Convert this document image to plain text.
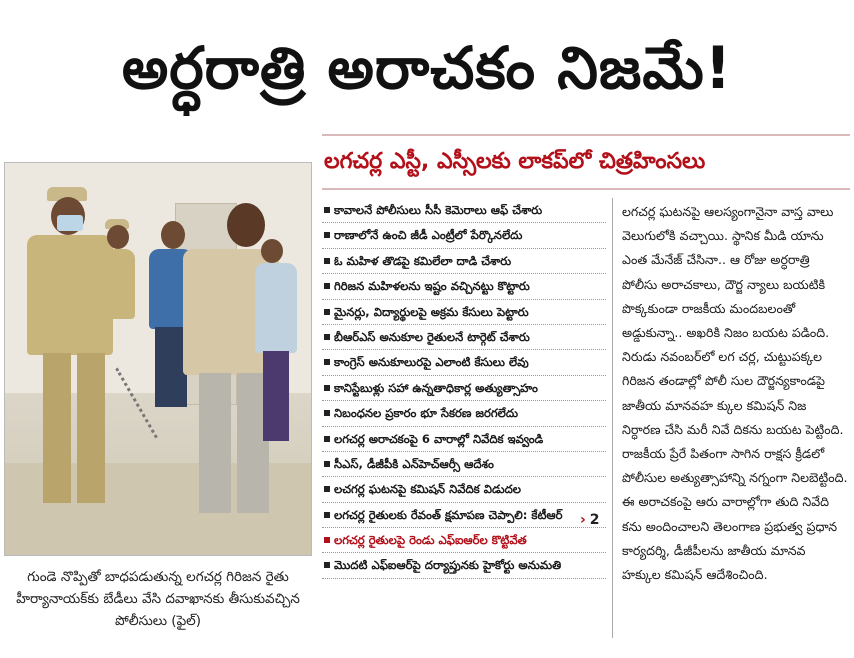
అర్ధరాత్రి అరాచకం నిజమే!
గుండె నొప్పితో బాధపడుతున్న లగచర్ల గిరిజన రైతు హీర్యానాయక్‌కు బేడీలు వేసి దవాఖానకు తీసుకువచ్చిన పోలీసులు (ఫైల్)
లగచర్ల ఎస్టీ, ఎస్సీలకు లాకప్‌లో చిత్రహింసలు
కావాలనే పోలీసులు సీసీ కెమెరాలు ఆఫ్ చేశారు
రాణాలోనే ఉంచి జీడీ ఎంట్రీలో పేర్కొనలేదు
ఓ మహిళ తొడపై కమిలేలా దాడి చేశారు
గిరిజన మహిళలను ఇష్టం వచ్చినట్టు కొట్టారు
మైనర్లు, విద్యార్థులపై అక్రమ కేసులు పెట్టారు
బీఆర్ఎస్ అనుకూల రైతులనే టార్గెట్ చేశారు
కాంగ్రెస్ అనుకూలురపై ఎలాంటి కేసులు లేవు
కానిస్టేబుళ్లు సహా ఉన్నతాధికార్ల అత్యుత్సాహం
నిబంధనల ప్రకారం భూ సేకరణ జరగలేదు
లగచర్ల అరాచకంపై 6 వారాల్లో నివేదిక ఇవ్వండి
సీఎస్, డీజీపీకి ఎన్‌హెచ్‌ఆర్సీ ఆదేశం
లచగర్ల ఘటనపై కమిషన్ నివేదిక విడుదల
లగచర్ల రైతులకు రేవంత్ క్షమాపణ చెప్పాలి: కేటీఆర్
లగచర్ల రైతులపై రెండు ఎఫ్ఐఆర్‌ల కొట్టివేత
మొదటి ఎఫ్ఐఆర్‌పై దర్యాప్తునకు హైకోర్టు అనుమతి
› 2
లగచర్ల ఘటనపై ఆలస్యంగానైనా వాస్త వాలు వెలుగులోకి వచ్చాయి. స్థానిక మీడి యాను ఎంత మేనేజ్ చేసినా.. ఆ రోజు అర్ధరాత్రి పోలీసు అరాచకాలు, దౌర్జ న్యాలు బయటికి పొక్కకుండా రాజకీయ మందబలంతో అడ్డుకున్నా.. అఖరికి నిజం బయట పడింది. నిరుడు నవంబర్‌లో లగ చర్ల, చుట్టుపక్కల గిరిజన తండాల్లో పోలీ సుల దౌర్జన్యకాండపై జాతీయ మానవహ క్కుల కమిషన్ నిజ నిర్ధారణ చేసి మరీ నివే దికను బయట పెట్టింది. రాజకీయ ప్రేరే పితంగా సాగిన రాక్షస క్రీడలో పోలీసుల అత్యుత్సాహాన్ని నగ్నంగా నిలబెట్టింది. ఈ అరాచకంపై ఆరు వారాల్లోగా తుది నివేది కను అందించాలని తెలంగాణ ప్రభుత్వ ప్రధాన కార్యదర్శి, డీజీపీలను జాతీయ మానవ హక్కుల కమిషన్ ఆదేశించింది.
